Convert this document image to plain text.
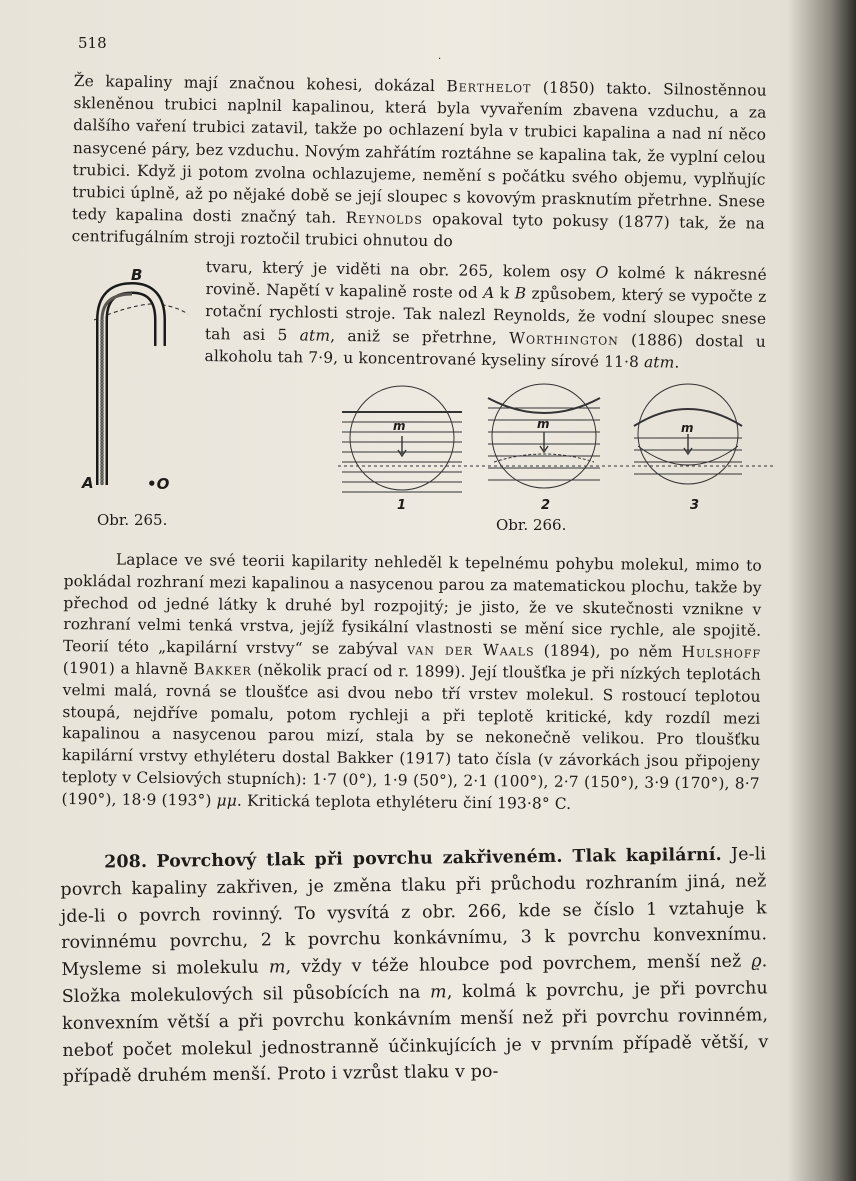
518
·

Že kapaliny mají značnou kohesi, dokázal Berthelot (1850) takto. Silnostěnnou skleněnou trubici naplnil kapalinou, která byla vyvařením zbavena vzduchu, a za dalšího vaření trubici zatavil, takže po ochlazení byla v trubici kapalina a nad ní něco nasycené páry, bez vzduchu. Novým zahřátím roztáhne se kapalina tak, že vyplní celou trubici. Když ji potom zvolna ochlazujeme, nemění s počátku svého objemu, vyplňujíc trubici úplně, až po nějaké době se její sloupec s kovovým prasknutím přetrhne. Snese tedy kapalina dosti značný tah. Reynolds opakoval tyto pokusy (1877) tak, že na centrifugálním stroji roztočil trubici ohnutou do

tvaru, který je viděti na obr. 265, kolem osy O kolmé k nákresné rovině. Napětí v kapalině roste od A k B způsobem, který se vypočte z rotační rychlosti stroje. Tak nalezl Reynolds, že vodní sloupec snese tah asi 5 atm, aniž se přetrhne, Worthington (1886) dostal u alkoholu tah 7·9, u koncentrované kyseliny sírové 11·8 atm.

B
A	•O
Obr. 265.
m	m	m
1	2	3
Obr. 266.

Laplace ve své teorii kapilarity nehleděl k tepelnému pohybu molekul, mimo to pokládal rozhraní mezi kapalinou a nasycenou parou za matematickou plochu, takže by přechod od jedné látky k druhé byl rozpojitý; je jisto, že ve skutečnosti vznikne v rozhraní velmi tenká vrstva, jejíž fysikální vlastnosti se mění sice rychle, ale spojitě. Teorií této „kapilární vrstvy“ se zabýval van der Waals (1894), po něm Hulshoff (1901) a hlavně Bakker (několik prací od r. 1899). Její tloušťka je při nízkých teplotách velmi malá, rovná se tloušťce asi dvou nebo tří vrstev molekul. S rostoucí teplotou stoupá, nejdříve pomalu, potom rychleji a při teplotě kritické, kdy rozdíl mezi kapalinou a nasycenou parou mizí, stala by se nekonečně velikou. Pro tloušťku kapilární vrstvy ethyléteru dostal Bakker (1917) tato čísla (v závorkách jsou připojeny teploty v Celsiových stupních): 1·7 (0°), 1·9 (50°), 2·1 (100°), 2·7 (150°), 3·9 (170°), 8·7 (190°), 18·9 (193°) μμ. Kritická teplota ethyléteru činí 193·8° C.

208. Povrchový tlak při povrchu zakřiveném. Tlak kapilární. Je-li povrch kapaliny zakřiven, je změna tlaku při průchodu rozhraním jiná, než jde-li o povrch rovinný. To vysvítá z obr. 266, kde se číslo 1 vztahuje k rovinnému povrchu, 2 k povrchu konkávnímu, 3 k povrchu konvexnímu. Mysleme si molekulu m, vždy v téže hloubce pod povrchem, menší než ϱ. Složka molekulových sil působících na m, kolmá k povrchu, je při povrchu konvexním větší a při povrchu konkávním menší než při povrchu rovinném, neboť počet molekul jednostranně účinkujících je v prvním případě větší, v případě druhém menší. Proto i vzrůst tlaku v po-
